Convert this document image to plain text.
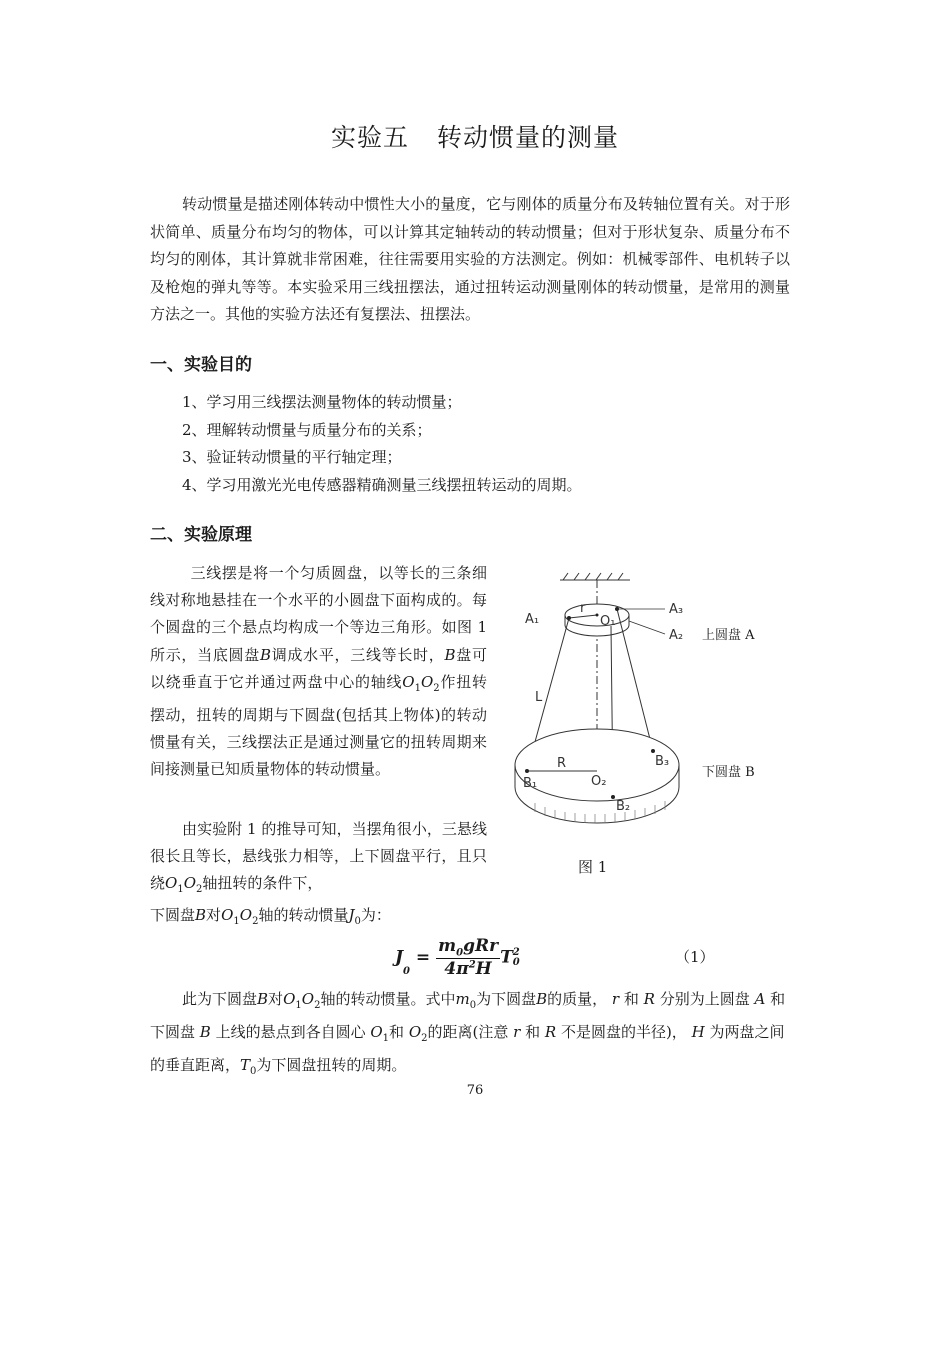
实验五 转动惯量的测量
转动惯量是描述刚体转动中惯性大小的量度，它与刚体的质量分布及转轴位置有关。对于形状简单、质量分布均匀的物体，可以计算其定轴转动的转动惯量；但对于形状复杂、质量分布不均匀的刚体，其计算就非常困难，往往需要用实验的方法测定。例如：机械零部件、电机转子以及枪炮的弹丸等等。本实验采用三线扭摆法，通过扭转运动测量刚体的转动惯量，是常用的测量方法之一。其他的实验方法还有复摆法、扭摆法。
一、实验目的
1、学习用三线摆法测量物体的转动惯量；
2、理解转动惯量与质量分布的关系；
3、验证转动惯量的平行轴定理；
4、学习用激光光电传感器精确测量三线摆扭转运动的周期。
二、实验原理
三线摆是将一个匀质圆盘，以等长的三条细线对称地悬挂在一个水平的小圆盘下面构成的。每个圆盘的三个悬点均构成一个等边三角形。如图 1 所示，当底圆盘B调成水平，三线等长时，B盘可以绕垂直于它并通过两盘中心的轴线$O_1O_2$作扭转摆动，扭转的周期与下圆盘(包括其上物体)的转动惯量有关，三线摆法正是通过测量它的扭转周期来间接测量已知质量物体的转动惯量。
由实验附 1 的推导可知，当摆角很小，三悬线很长且等长，悬线张力相等，上下圆盘平行，且只绕$O_1O_2$轴扭转的条件下，
下圆盘B对$O_1O_2$轴的转动惯量$J_0$为：
$J_0 = \frac{m_0gRr}{4\pi^2H} T2$
0	（1）
此为下圆盘B对$O_1O_2$轴的转动惯量。式中$m_0$为下圆盘B的质量， r 和 R 分别为上圆盘 A 和下圆盘 B 上线的悬点到各自圆心 $O_1$和 $O_2$的距离(注意 r 和 R 不是圆盘的半径)， H 为两盘之间的垂直距离，$T_0$为下圆盘扭转的周期。
A₁
A₃
A₂
O₁
r
L
R
B₁	O₂
B₃
B₂
上圆盘 A
下圆盘 B
图 1
76
